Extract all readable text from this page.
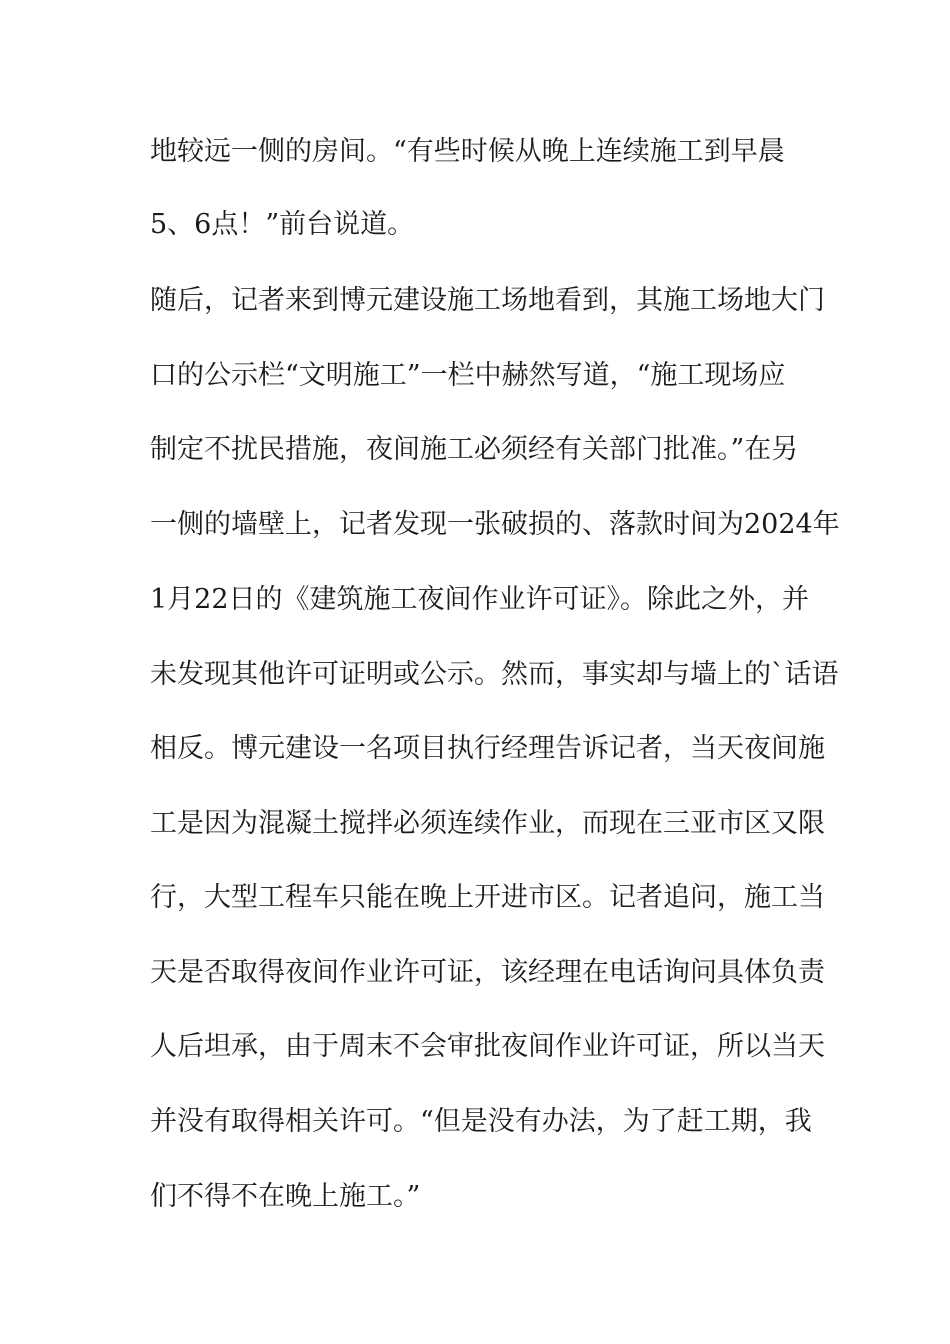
地较远一侧的房间。“有些时候从晚上连续施工到早晨
5、6点！”前台说道。
随后，记者来到博元建设施工场地看到，其施工场地大门
口的公示栏“文明施工”一栏中赫然写道，“施工现场应
制定不扰民措施，夜间施工必须经有关部门批准。”在另
一侧的墙壁上，记者发现一张破损的、落款时间为2024年
1月22日的《建筑施工夜间作业许可证》。除此之外，并
未发现其他许可证明或公示。然而，事实却与墙上的`话语
相反。博元建设一名项目执行经理告诉记者，当天夜间施
工是因为混凝土搅拌必须连续作业，而现在三亚市区又限
行，大型工程车只能在晚上开进市区。记者追问，施工当
天是否取得夜间作业许可证，该经理在电话询问具体负责
人后坦承，由于周末不会审批夜间作业许可证，所以当天
并没有取得相关许可。“但是没有办法，为了赶工期，我
们不得不在晚上施工。”
